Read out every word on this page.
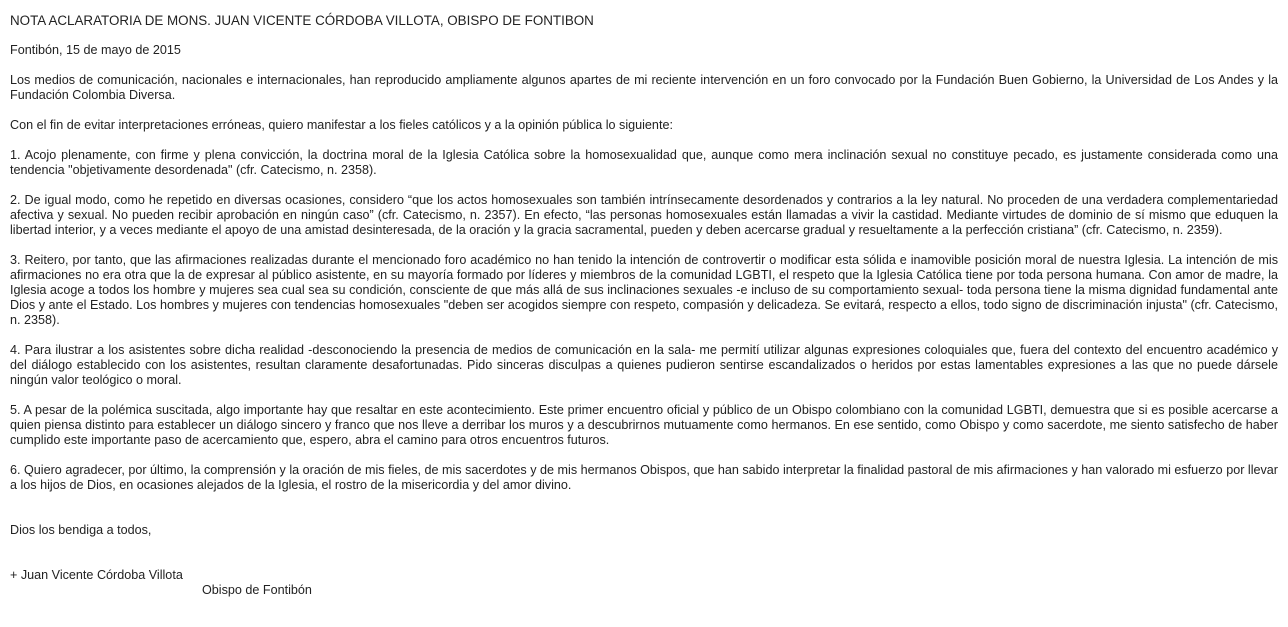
NOTA ACLARATORIA DE MONS. JUAN VICENTE CÓRDOBA VILLOTA, OBISPO DE FONTIBON

Fontibón, 15 de mayo de 2015

Los medios de comunicación, nacionales e internacionales, han reproducido ampliamente algunos apartes de mi reciente intervención en un foro convocado por la Fundación Buen Gobierno, la Universidad de Los Andes y la Fundación Colombia Diversa.

Con el fin de evitar interpretaciones erróneas, quiero manifestar a los fieles católicos y a la opinión pública lo siguiente:

1. Acojo plenamente, con firme y plena convicción, la doctrina moral de la Iglesia Católica sobre la homosexualidad que, aunque como mera inclinación sexual no constituye pecado, es justamente considerada como una tendencia "objetivamente desordenada" (cfr. Catecismo, n. 2358).

2. De igual modo, como he repetido en diversas ocasiones, considero “que los actos homosexuales son también intrínsecamente desordenados y contrarios a la ley natural. No proceden de una verdadera complementariedad afectiva y sexual. No pueden recibir aprobación en ningún caso” (cfr. Catecismo, n. 2357). En efecto, “las personas homosexuales están llamadas a vivir la castidad. Mediante virtudes de dominio de sí mismo que eduquen la libertad interior, y a veces mediante el apoyo de una amistad desinteresada, de la oración y la gracia sacramental, pueden y deben acercarse gradual y resueltamente a la perfección cristiana” (cfr. Catecismo, n. 2359).

3. Reitero, por tanto, que las afirmaciones realizadas durante el mencionado foro académico no han tenido la intención de controvertir o modificar esta sólida e inamovible posición moral de nuestra Iglesia. La intención de mis afirmaciones no era otra que la de expresar al público asistente, en su mayoría formado por líderes y miembros de la comunidad LGBTI, el respeto que la Iglesia Católica tiene por toda persona humana. Con amor de madre, la Iglesia acoge a todos los hombre y mujeres sea cual sea su condición, consciente de que más allá de sus inclinaciones sexuales -e incluso de su comportamiento sexual- toda persona tiene la misma dignidad fundamental ante Dios y ante el Estado. Los hombres y mujeres con tendencias homosexuales "deben ser acogidos siempre con respeto, compasión y delicadeza. Se evitará, respecto a ellos, todo signo de discriminación injusta" (cfr. Catecismo, n. 2358).

4. Para ilustrar a los asistentes sobre dicha realidad -desconociendo la presencia de medios de comunicación en la sala- me permití utilizar algunas expresiones coloquiales que, fuera del contexto del encuentro académico y del diálogo establecido con los asistentes, resultan claramente desafortunadas. Pido sinceras disculpas a quienes pudieron sentirse escandalizados o heridos por estas lamentables expresiones a las que no puede dársele ningún valor teológico o moral.

5. A pesar de la polémica suscitada, algo importante hay que resaltar en este acontecimiento. Este primer encuentro oficial y público de un Obispo colombiano con la comunidad LGBTI, demuestra que si es posible acercarse a quien piensa distinto para establecer un diálogo sincero y franco que nos lleve a derribar los muros y a descubrirnos mutuamente como hermanos. En ese sentido, como Obispo y como sacerdote, me siento satisfecho de haber cumplido este importante paso de acercamiento que, espero, abra el camino para otros encuentros futuros.

6. Quiero agradecer, por último, la comprensión y la oración de mis fieles, de mis sacerdotes y de mis hermanos Obispos, que han sabido interpretar la finalidad pastoral de mis afirmaciones y han valorado mi esfuerzo por llevar a los hijos de Dios, en ocasiones alejados de la Iglesia, el rostro de la misericordia y del amor divino.

Dios los bendiga a todos,

+ Juan Vicente Córdoba Villota

Obispo de Fontibón
